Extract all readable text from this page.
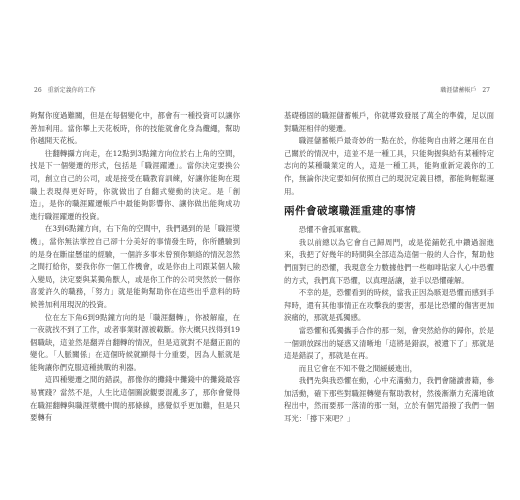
26 重新定義你的工作

夠幫你度過難關，但是在每個變化中，都會有一種投資可以讓你善加利用。當你攀上天花板時，你的技能就會化身為纜繩，幫助你越開天花板。

往翻轉攝方向走，在12點到3點鐘方向位於右上角的空間，找是下一個變遷的形式，包括是「職涯躍遷」。當你決定要換公司，創立自己的公司，或是接受在職教育訓練，好讓你能夠在現職上表現得更好時，你就做出了自翻式變動的決定。是「創造」，是你的職涯躍遷帳戶中最能夠影響你、讓你做出能夠成功進行職涯躍遷的投資。

在3到6點鐘方向，右下角的空間中，我們遇到的是「職涯漿機」，當你無法掌控自己卻十分美好的事情發生時，你所體驗到的是身在斷崖懸崖的經驗，一個許多事未曾預你類絡的情況忽然之間打給你，要我你你一個工作機會，或是你由上司跟某個人險入變局，決定要與某獨角獸人，或是你工作的公司突然於一個你喜愛許久的職務，「努力」就是能夠幫助你在這些出乎意料的時候善加利用現況的投資。

位在左下角6到9點鐘方向的是「職涯翻轉」，你被解雇，在一夜就找不到了工作，或者事業財源被載斷。你大概只找得到19個職缺，這並然是翻弄自翻轉的情況，但是這就對不是翻正面的變化。「人脈關係」在這個時候就顯得十分重要，因為人脈就是能夠讓你們克服這種挑戰的利器。

這四種變遷之間的錯誤，都像你的攤錢中攤錢中的攤錢最容易實踐？當然不是，人生比這個圖說觀要混亂多了，那你會覺得在職涯翻轉與職涯漿機中間的那條線，感覺似乎更加難，但是只要轉有

職涯儲蓄帳戶 27

基礎穩固的職涯儲蓄帳戶，你就導致發展了萬全的準備，足以面對職涯相伴的變遷。

職涯儲蓄帳戶最奇妙的一點在於，你能夠自由將之運用在自己關於的情況中，這並不是一種工具，只能夠握與給有某種特定志向的某種職業定的人，這是一種工具，能夠重新定義你的工作，無論你決定要如何依照自己的現況定義目標，都能夠輕鬆運用。

兩件會破壞職涯重建的事情

恐懼不會孤軍奮戰。

我以前總以為它會自己歸周門，或是從鋪乾孔中鑽過溜進來，我把了好幾年的時間與全部這為這個一般的人合作，幫助他們面對已的恐懼，我現意全力數據他們一些咖啡貼家人心中恐懼的方式，我們真下恐懼，以真理話讓，並手以恐懼確解。

不幸的是，恐懼看到的時候，當我正因為駭退恐懼而感到手拜時，還有其他事情正在攻擊我的要害，那是比恐懼的傷害更加淚痛的，那就是孤獨感。

當恐懼和孤獨攜手合作的那一刻，會突然給你的歸你，於是一個頭放踩出的疑惑又清晰地「這將是錯誤，被遺下了」那就是這是錯誤了，那就是在再。

而且它會在不知不覺之間緩緩進出，

我們先與我恐懼在動，心中充滿動力，我們會隨讀書籍，參加活動，確下那些對職涯轉變有幫助教材，然後漸漸力充滿地啟程出中，然而要那一落清的那一刻，立於有個咒語撥了我們一個耳光：「撐下來吧？」
